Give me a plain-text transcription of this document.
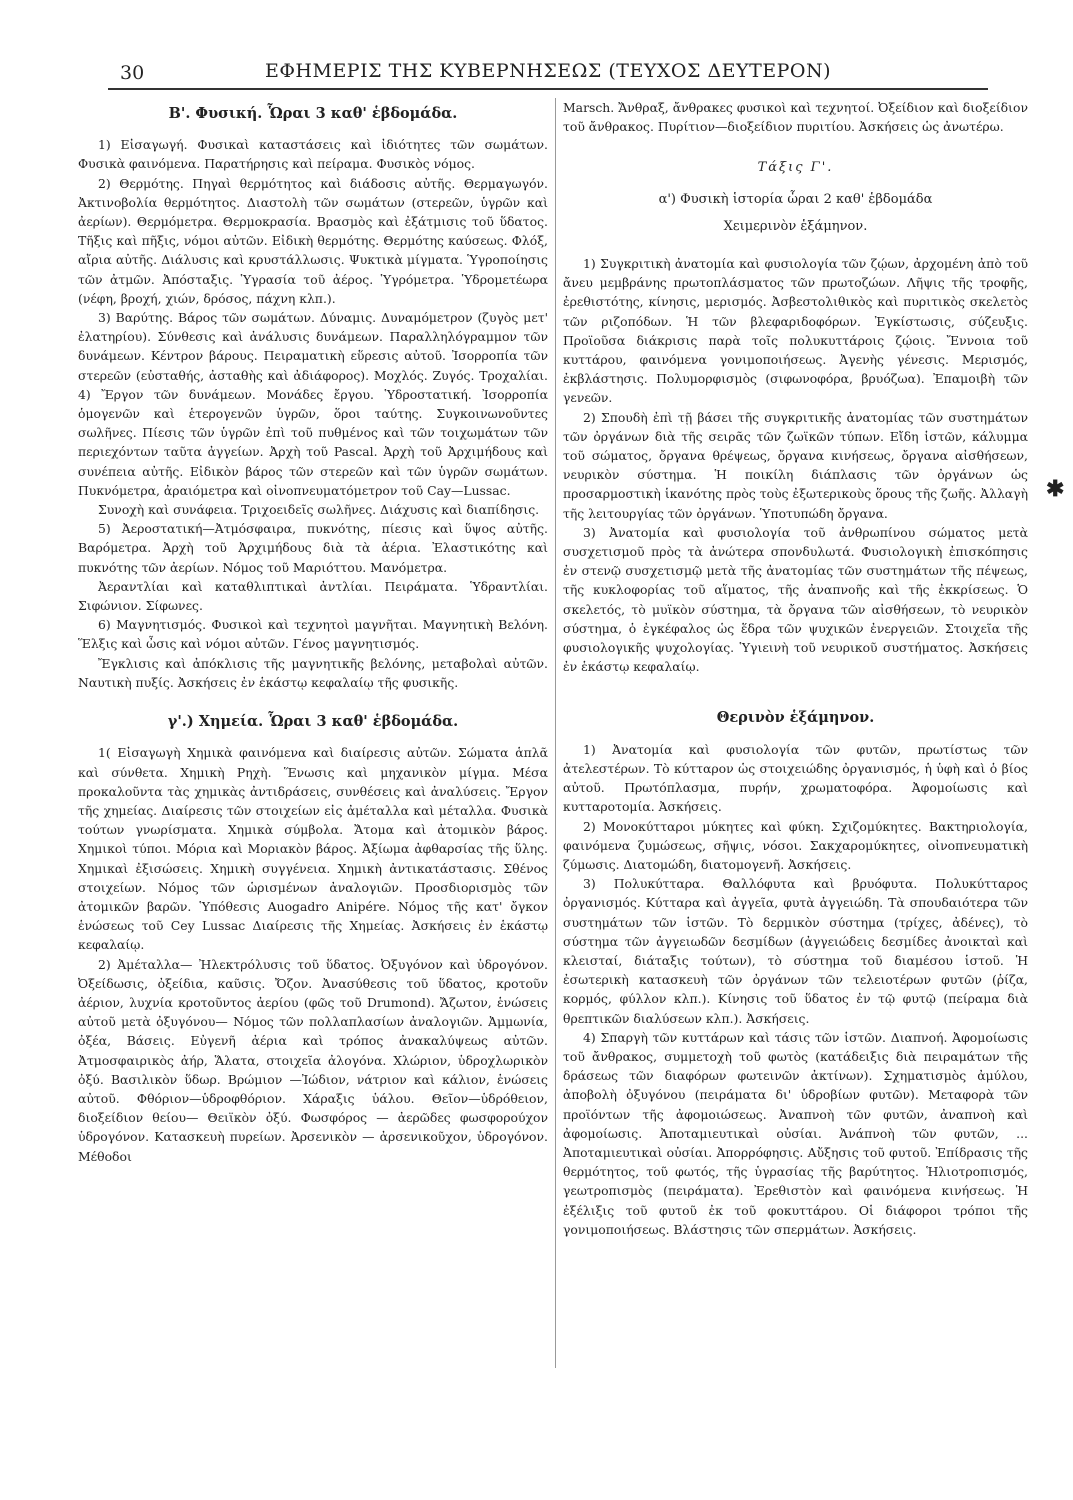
30	ΕΦΗΜΕΡΙΣ ΤΗΣ ΚΥΒΕΡΝΗΣΕΩΣ (ΤΕΥΧΟΣ ΔΕΥΤΕΡΟΝ)
Β'. Φυσική. Ὧραι 3 καθ' ἑβδομάδα.

1) Εἰσαγωγή. Φυσικαὶ καταστάσεις καὶ ἰδιότητες τῶν σωμάτων. Φυσικὰ φαινόμενα. Παρατήρησις καὶ πείραμα. Φυσικὸς νόμος.

2) Θερμότης. Πηγαὶ θερμότητος καὶ διάδοσις αὐτῆς. Θερμαγωγόν. Ἀκτινοβολία θερμότητος. Διαστολὴ τῶν σωμάτων (στερεῶν, ὑγρῶν καὶ ἀερίων). Θερμόμετρα. Θερμοκρασία. Βρασμὸς καὶ ἐξάτμισις τοῦ ὕδατος. Τῆξις καὶ πῆξις, νόμοι αὐτῶν. Εἰδικὴ θερμότης. Θερμότης καύσεως. Φλόξ, αἴρια αὐτῆς. Διάλυσις καὶ κρυστάλλωσις. Ψυκτικὰ μίγματα. Ὑγροποίησις τῶν ἀτμῶν. Ἀπόσταξις. Ὑγρασία τοῦ ἀέρος. Ὑγρόμετρα. Ὑδρομετέωρα (νέφη, βροχή, χιών, δρόσος, πάχνη κλπ.).

3) Βαρύτης. Βάρος τῶν σωμάτων. Δύναμις. Δυναμόμετρον (ζυγὸς μετ' ἐλατηρίου). Σύνθεσις καὶ ἀνάλυσις δυνάμεων. Παραλληλόγραμμον τῶν δυνάμεων. Κέντρον βάρους. Πειραματικὴ εὕρεσις αὐτοῦ. Ἰσορροπία τῶν στερεῶν (εὐσταθής, ἀσταθὴς καὶ ἀδιάφορος). Μοχλός. Ζυγός. Τροχαλίαι. 4) Ἔργον τῶν δυνάμεων. Μονάδες ἔργου. Ὑδροστατική. Ἰσορροπία ὁμογενῶν καὶ ἑτερογενῶν ὑγρῶν, ὅροι ταύτης. Συγκοινωνοῦντες σωλῆνες. Πίεσις τῶν ὑγρῶν ἐπὶ τοῦ πυθμένος καὶ τῶν τοιχωμάτων τῶν περιεχόντων ταῦτα ἀγγείων. Ἀρχὴ τοῦ Pascal. Ἀρχὴ τοῦ Ἀρχιμήδους καὶ συνέπεια αὐτῆς. Εἰδικὸν βάρος τῶν στερεῶν καὶ τῶν ὑγρῶν σωμάτων. Πυκνόμετρα, ἀραιόμετρα καὶ οἰνοπνευματόμετρον τοῦ Cay—Lussac.

Συνοχὴ καὶ συνάφεια. Τριχοειδεῖς σωλῆνες. Διάχυσις καὶ διαπίδησις.

5) Ἀεροστατική—Ἀτμόσφαιρα, πυκνότης, πίεσις καὶ ὕψος αὐτῆς. Βαρόμετρα. Ἀρχὴ τοῦ Ἀρχιμήδους διὰ τὰ ἀέρια. Ἐλαστικότης καὶ πυκνότης τῶν ἀερίων. Νόμος τοῦ Μαριόττου. Μανόμετρα.

Ἀεραντλίαι καὶ καταθλιπτικαὶ ἀντλίαι. Πειράματα. Ὑδραντλίαι. Σιφώνιον. Σίφωνες.

6) Μαγνητισμός. Φυσικοὶ καὶ τεχνητοὶ μαγνῆται. Μαγνητικὴ Βελόνη. Ἕλξις καὶ ὦσις καὶ νόμοι αὐτῶν. Γένος μαγνητισμός.

Ἔγκλισις καὶ ἀπόκλισις τῆς μαγνητικῆς βελόνης, μεταβολαὶ αὐτῶν. Ναυτικὴ πυξίς. Ἀσκήσεις ἐν ἑκάστῳ κεφαλαίῳ τῆς φυσικῆς.

γ'.) Χημεία. Ὧραι 3 καθ' ἑβδομάδα.

1( Εἰσαγωγὴ Χημικὰ φαινόμενα καὶ διαίρεσις αὐτῶν. Σώματα ἁπλᾶ καὶ σύνθετα. Χημικὴ Ρηχὴ. Ἕνωσις καὶ μηχανικὸν μίγμα. Μέσα προκαλοῦντα τὰς χημικὰς ἀντιδράσεις, συνθέσεις καὶ ἀναλύσεις. Ἔργον τῆς χημείας. Διαίρεσις τῶν στοιχείων εἰς ἀμέταλλα καὶ μέταλλα. Φυσικὰ τούτων γνωρίσματα. Χημικὰ σύμβολα. Ἄτομα καὶ ἀτομικὸν βάρος. Χημικοὶ τύποι. Μόρια καὶ Μοριακὸν βάρος. Ἀξίωμα ἀφθαρσίας τῆς ὕλης. Χημικαὶ ἐξισώσεις. Χημικὴ συγγένεια. Χημικὴ ἀντικατάστασις. Σθένος στοιχείων. Νόμος τῶν ὡρισμένων ἀναλογιῶν. Προσδιορισμὸς τῶν ἀτομικῶν βαρῶν. Ὑπόθεσις Auogadro Anipére. Νόμος τῆς κατ' ὄγκον ἑνώσεως τοῦ Cey Lussac Διαίρεσις τῆς Χημείας. Ἀσκήσεις ἐν ἑκάστῳ κεφαλαίῳ.

2) Ἀμέταλλα— Ἠλεκτρόλυσις τοῦ ὕδατος. Ὀξυγόνον καὶ ὑδρογόνον. Ὀξείδωσις, ὀξείδια, καῦσις. Ὄζον. Ἀνασύθεσις τοῦ ὕδατος, κροτοῦν ἀέριον, λυχνία κροτοῦντος ἀερίου (φῶς τοῦ Drumond). Ἄζωτον, ἑνώσεις αὐτοῦ μετὰ ὀξυγόνου— Νόμος τῶν πολλαπλασίων ἀναλογιῶν. Ἀμμωνία, ὀξέα, Βάσεις. Εὐγενῆ ἀέρια καὶ τρόπος ἀνακαλύψεως αὐτῶν. Ἀτμοσφαιρικὸς ἀήρ, Ἅλατα, στοιχεῖα ἀλογόνα. Χλώριον, ὑδροχλωρικὸν ὀξύ. Βασιλικὸν ὕδωρ. Βρώμιον —Ἰώδιον, νάτριον καὶ κάλιον, ἑνώσεις αὐτοῦ. Φθόριον—ὑδροφθόριον. Χάραξις ὑάλου. Θεῖον—ὑδρόθειον, διοξείδιον θείου— Θειϊκὸν ὀξύ. Φωσφόρος — ἀερῶδες φωσφορούχον ὑδρογόνον. Κατασκευὴ πυρείων. Ἀρσενικὸν — ἀρσενικοῦχον, ὑδρογόνον. Μέθοδοι

Marsch. Ἄνθραξ, ἄνθρακες φυσικοὶ καὶ τεχνητοί. Ὀξείδιον καὶ διοξείδιον τοῦ ἄνθρακος. Πυρίτιον—διοξείδιον πυριτίου. Ἀσκήσεις ὡς ἀνωτέρω.

Τάξις Γ'.
α') Φυσικὴ ἱστορία ὧραι 2 καθ' ἑβδομάδα
Χειμερινὸν ἑξάμηνον.

1) Συγκριτικὴ ἀνατομία καὶ φυσιολογία τῶν ζῴων, ἀρχομένη ἀπὸ τοῦ ἄνευ μεμβράνης πρωτοπλάσματος τῶν πρωτοζώων. Λῆψις τῆς τροφῆς, ἐρεθιστότης, κίνησις, μερισμός. Ἀσβεστολιθικὸς καὶ πυριτικὸς σκελετὸς τῶν ριζοπόδων. Ἡ τῶν βλεφαριδοφόρων. Ἐγκίστωσις, σύζευξις. Προϊοῦσα διάκρισις παρὰ τοῖς πολυκυττάροις ζῴοις. Ἔννοια τοῦ κυττάρου, φαινόμενα γονιμοποιήσεως. Ἀγενὴς γένεσις. Μερισμός, ἐκβλάστησις. Πολυμορφισμὸς (σιφωνοφόρα, βρυόζωα). Ἐπαμοιβὴ τῶν γενεῶν.

2) Σπουδὴ ἐπὶ τῇ βάσει τῆς συγκριτικῆς ἀνατομίας τῶν συστημάτων τῶν ὀργάνων διὰ τῆς σειρᾶς τῶν ζωϊκῶν τύπων. Εἴδη ἱστῶν, κάλυμμα τοῦ σώματος, ὄργανα θρέψεως, ὄργανα κινήσεως, ὄργανα αἰσθήσεων, νευρικὸν σύστημα. Ἡ ποικίλη διάπλασις τῶν ὀργάνων ὡς προσαρμοστικὴ ἱκανότης πρὸς τοὺς ἐξωτερικοὺς ὅρους τῆς ζωῆς. Ἀλλαγὴ τῆς λειτουργίας τῶν ὀργάνων. Ὑποτυπώδη ὄργανα.

3) Ἀνατομία καὶ φυσιολογία τοῦ ἀνθρωπίνου σώματος μετὰ συσχετισμοῦ πρὸς τὰ ἀνώτερα σπονδυλωτά. Φυσιολογικὴ ἐπισκόπησις ἐν στενῷ συσχετισμῷ μετὰ τῆς ἀνατομίας τῶν συστημάτων τῆς πέψεως, τῆς κυκλοφορίας τοῦ αἵματος, τῆς ἀναπνοῆς καὶ τῆς ἐκκρίσεως. Ὁ σκελετός, τὸ μυϊκὸν σύστημα, τὰ ὄργανα τῶν αἰσθήσεων, τὸ νευρικὸν σύστημα, ὁ ἐγκέφαλος ὡς ἕδρα τῶν ψυχικῶν ἐνεργειῶν. Στοιχεῖα τῆς φυσιολογικῆς ψυχολογίας. Ὑγιεινὴ τοῦ νευρικοῦ συστήματος. Ἀσκήσεις ἐν ἑκάστῳ κεφαλαίῳ.

Θερινὸν ἑξάμηνον.

1) Ἀνατομία καὶ φυσιολογία τῶν φυτῶν, πρωτίστως τῶν ἀτελεστέρων. Τὸ κύτταρον ὡς στοιχειώδης ὀργανισμός, ἡ ὑφὴ καὶ ὁ βίος αὐτοῦ. Πρωτόπλασμα, πυρήν, χρωματοφόρα. Ἀφομοίωσις καὶ κυτταροτομία. Ἀσκήσεις.

2) Μονοκύτταροι μύκητες καὶ φύκη. Σχιζομύκητες. Βακτηριολογία, φαινόμενα ζυμώσεως, σῆψις, νόσοι. Σακχαρομύκητες, οἰνοπνευματικὴ ζύμωσις. Διατομώδη, διατομογενῆ. Ἀσκήσεις.

3) Πολυκύτταρα. Θαλλόφυτα καὶ βρυόφυτα. Πολυκύτταρος ὀργανισμός. Κύτταρα καὶ ἀγγεῖα, φυτὰ ἀγγειώδη. Τὰ σπουδαιότερα τῶν συστημάτων τῶν ἱστῶν. Τὸ δερμικὸν σύστημα (τρίχες, ἀδένες), τὸ σύστημα τῶν ἀγγειωδῶν δεσμίδων (ἀγγειώδεις δεσμίδες ἀνοικταὶ καὶ κλεισταί, διάταξις τούτων), τὸ σύστημα τοῦ διαμέσου ἱστοῦ. Ἡ ἐσωτερικὴ κατασκευὴ τῶν ὀργάνων τῶν τελειοτέρων φυτῶν (ῥίζα, κορμός, φύλλον κλπ.). Κίνησις τοῦ ὕδατος ἐν τῷ φυτῷ (πείραμα διὰ θρεπτικῶν διαλύσεων κλπ.). Ἀσκήσεις.

4) Σπαργὴ τῶν κυττάρων καὶ τάσις τῶν ἱστῶν. Διαπνοή. Ἀφομοίωσις τοῦ ἄνθρακος, συμμετοχὴ τοῦ φωτὸς (κατάδειξις διὰ πειραμάτων τῆς δράσεως τῶν διαφόρων φωτεινῶν ἀκτίνων). Σχηματισμὸς ἀμύλου, ἀποβολὴ ὀξυγόνου (πειράματα δι' ὑδροβίων φυτῶν). Μεταφορὰ τῶν προϊόντων τῆς ἀφομοιώσεως. Ἀναπνοὴ τῶν φυτῶν, ἀναπνοὴ καὶ ἀφομοίωσις. Ἀποταμιευτικαὶ οὐσίαι. Ἀνάπνοὴ τῶν φυτῶν, ... Ἀποταμιευτικαὶ οὐσίαι. Ἀπορρόφησις. Αὔξησις τοῦ φυτοῦ. Ἐπίδρασις τῆς θερμότητος, τοῦ φωτός, τῆς ὑγρασίας τῆς βαρύτητος. Ἡλιοτροπισμός, γεωτροπισμὸς (πειράματα). Ἐρεθιστὸν καὶ φαινόμενα κινήσεως. Ἡ ἐξέλιξις τοῦ φυτοῦ ἐκ τοῦ φοκυττάρου. Οἱ διάφοροι τρόποι τῆς γονιμοποιήσεως. Βλάστησις τῶν σπερμάτων. Ἀσκήσεις.

✱
